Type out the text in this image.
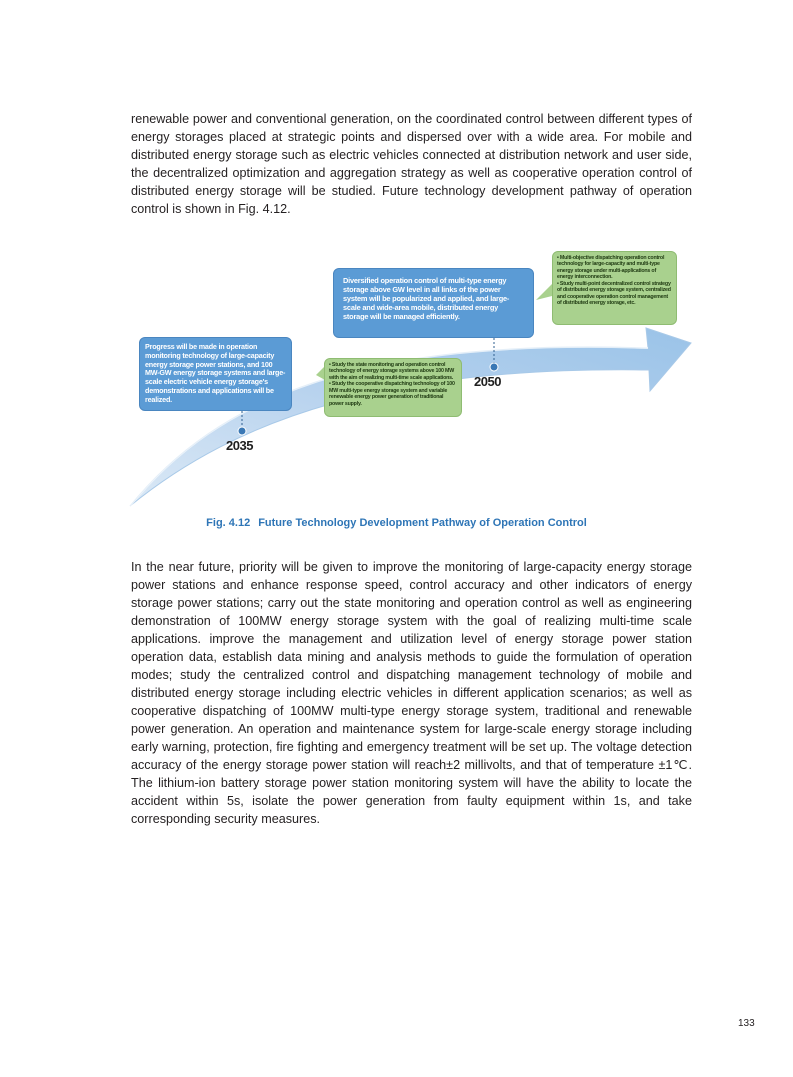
renewable power and conventional generation, on the coordinated control between different types of energy storages placed at strategic points and dispersed over with a wide area. For mobile and distributed energy storage such as electric vehicles connected at distribution network and user side, the decentralized optimization and aggregation strategy as well as cooperative operation control of distributed energy storage will be studied. Future technology development pathway of operation control is shown in Fig. 4.12.

Progress will be made in operation monitoring technology of large-capacity energy storage power stations, and 100 MW-GW energy storage systems and large-scale electric vehicle energy storage's demonstrations and applications will be realized.
• Study the state monitoring and operation control technology of energy storage systems above 100 MW with the aim of realizing multi-time scale applications.
• Study the cooperative dispatching technology of 100 MW multi-type energy storage system and variable renewable energy power generation of traditional power supply.
Diversified operation control of multi-type energy storage above GW level in all links of the power system will be popularized and applied, and large-scale and wide-area mobile, distributed energy storage will be managed efficiently.
• Multi-objective dispatching operation control technology for large-capacity and multi-type energy storage under multi-applications of energy interconnection.
• Study multi-point decentralized control strategy of distributed energy storage system, centralized and cooperative operation control management of distributed energy storage, etc.
2035
2050
Fig. 4.12 Future Technology Development Pathway of Operation Control

In the near future, priority will be given to improve the monitoring of large-capacity energy storage power stations and enhance response speed, control accuracy and other indicators of energy storage power stations; carry out the state monitoring and operation control as well as engineering demonstration of 100MW energy storage system with the goal of realizing multi-time scale applications. improve the management and utilization level of energy storage power station operation data, establish data mining and analysis methods to guide the formulation of operation modes; study the centralized control and dispatching management technology of mobile and distributed energy storage including electric vehicles in different application scenarios; as well as cooperative dispatching of 100MW multi-type energy storage system, traditional and renewable power generation. An operation and maintenance system for large-scale energy storage including early warning, protection, fire fighting and emergency treatment will be set up. The voltage detection accuracy of the energy storage power station will reach±2 millivolts, and that of temperature ±1℃. The lithium-ion battery storage power station monitoring system will have the ability to locate the accident within 5s, isolate the power generation from faulty equipment within 1s, and take corresponding security measures.

133
